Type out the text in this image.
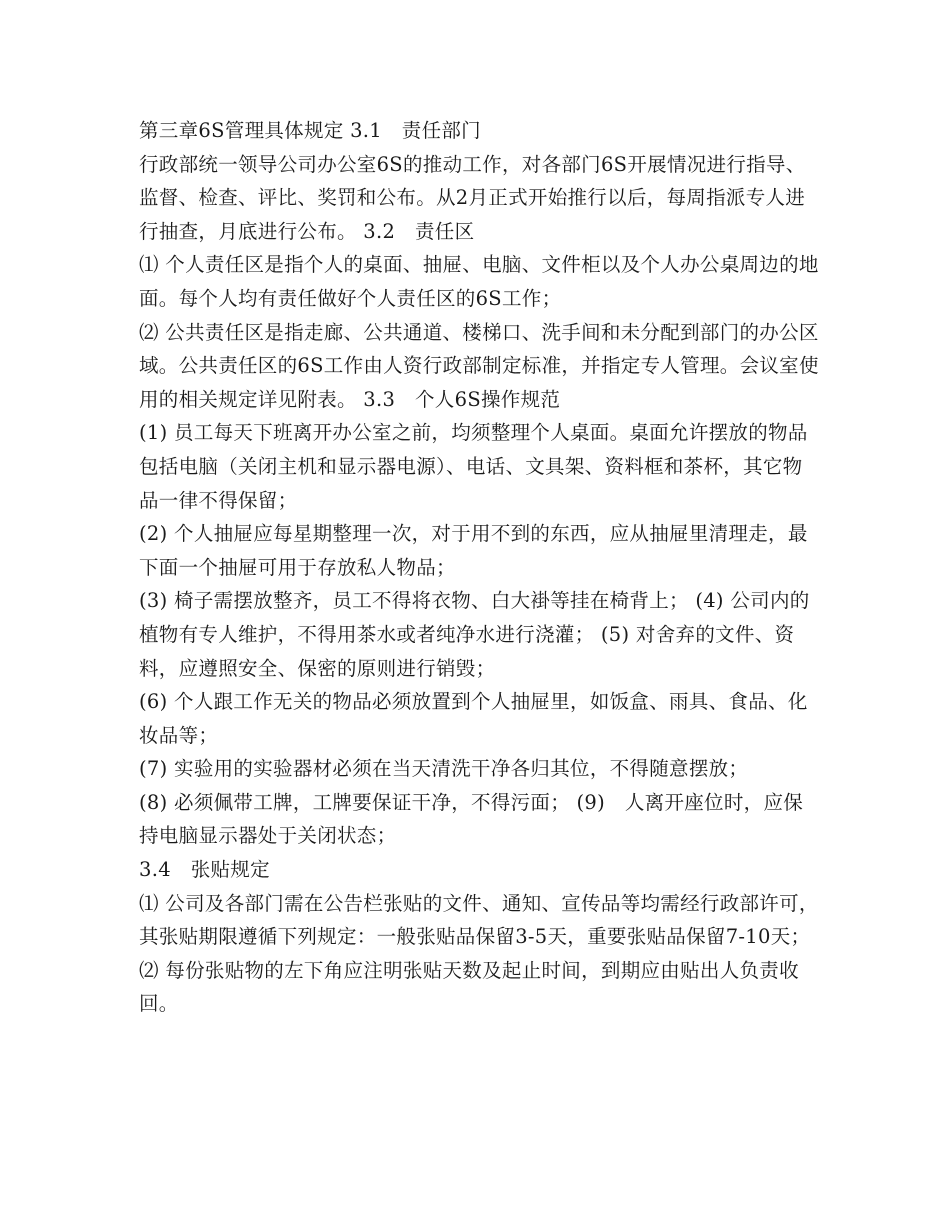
第三章6S管理具体规定 3.1　责任部门

行政部统一领导公司办公室6S的推动工作，对各部门6S开展情况进行指导、监督、检查、评比、奖罚和公布。从2月正式开始推行以后，每周指派专人进行抽查，月底进行公布。 3.2　责任区

⑴ 个人责任区是指个人的桌面、抽屉、电脑、文件柜以及个人办公桌周边的地面。每个人均有责任做好个人责任区的6S工作；

⑵ 公共责任区是指走廊、公共通道、楼梯口、洗手间和未分配到部门的办公区域。公共责任区的6S工作由人资行政部制定标准，并指定专人管理。会议室使用的相关规定详见附表。 3.3　个人6S操作规范

(1) 员工每天下班离开办公室之前，均须整理个人桌面。桌面允许摆放的物品包括电脑（关闭主机和显示器电源）、电话、文具架、资料框和茶杯，其它物品一律不得保留；

(2) 个人抽屉应每星期整理一次，对于用不到的东西，应从抽屉里清理走，最下面一个抽屉可用于存放私人物品；

(3) 椅子需摆放整齐，员工不得将衣物、白大褂等挂在椅背上； (4) 公司内的植物有专人维护，不得用茶水或者纯净水进行浇灌； (5) 对舍弃的文件、资料，应遵照安全、保密的原则进行销毁；

(6) 个人跟工作无关的物品必须放置到个人抽屉里，如饭盒、雨具、食品、化妆品等；

(7) 实验用的实验器材必须在当天清洗干净各归其位，不得随意摆放；

(8) 必须佩带工牌，工牌要保证干净，不得污面； (9)　人离开座位时，应保持电脑显示器处于关闭状态；

3.4　张贴规定

⑴ 公司及各部门需在公告栏张贴的文件、通知、宣传品等均需经行政部许可，其张贴期限遵循下列规定：一般张贴品保留3-5天，重要张贴品保留7-10天；

⑵ 每份张贴物的左下角应注明张贴天数及起止时间，到期应由贴出人负责收回。
